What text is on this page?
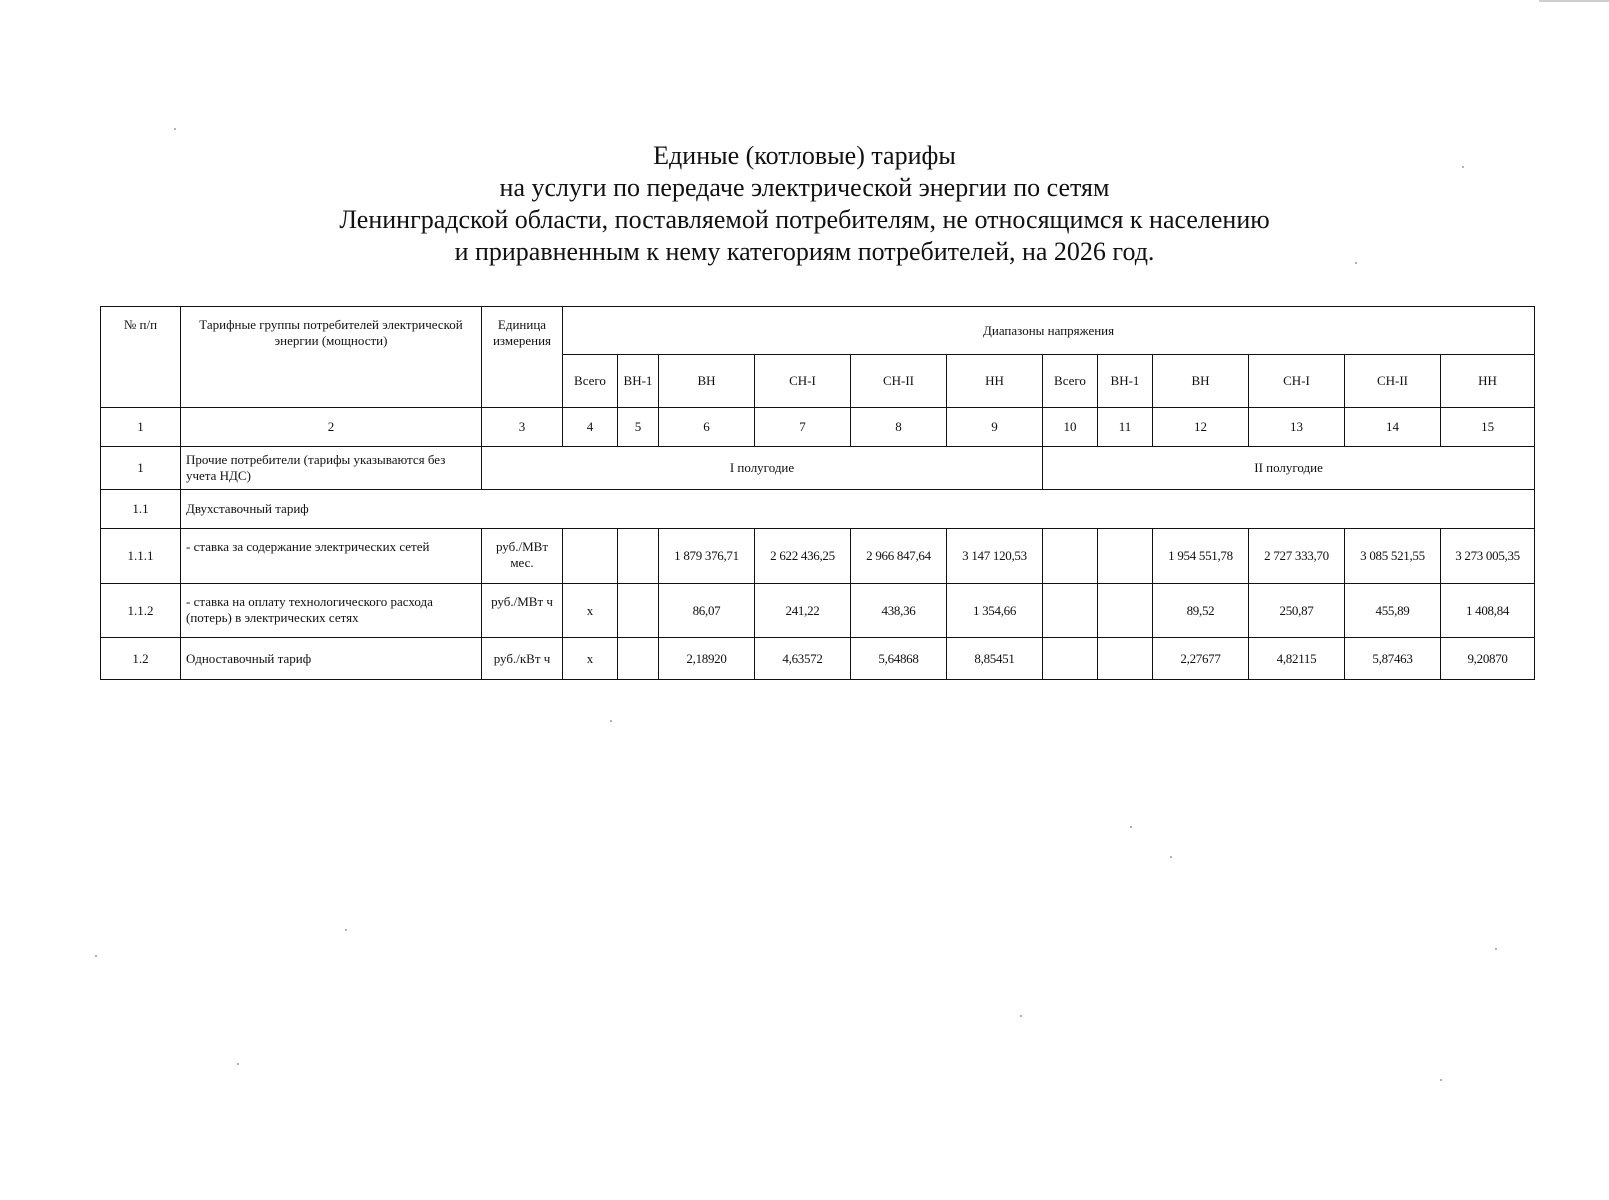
Единые (котловые) тарифы
на услуги по передаче электрической энергии по сетям
Ленинградской области, поставляемой потребителям, не относящимся к населению
и приравненным к нему категориям потребителей, на 2026 год.
№ п/п	Тарифные группы потребителей электрической энергии (мощности)	Единица измерения	Диапазоны напряжения											
			Всего	ВН-1	ВН	СН-I	СН-II	НН	Всего	ВН-1	ВН	СН-I	СН-II	НН
1	2	3	4	5	6	7	8	9	10	11	12	13	14	15
1	Прочие потребители (тарифы указываются без учета НДС)	I полугодие							II полугодие					
1.1	Двухставочный тариф													
1.1.1	- ставка за содержание электрических сетей	руб./МВт мес.			1 879 376,71	2 622 436,25	2 966 847,64	3 147 120,53			1 954 551,78	2 727 333,70	3 085 521,55	3 273 005,35
1.1.2	- ставка на оплату технологического расхода (потерь) в электрических сетях	руб./МВт ч	х		86,07	241,22	438,36	1 354,66			89,52	250,87	455,89	1 408,84
1.2	Одноставочный тариф	руб./кВт ч	х		2,18920	4,63572	5,64868	8,85451			2,27677	4,82115	5,87463	9,20870
